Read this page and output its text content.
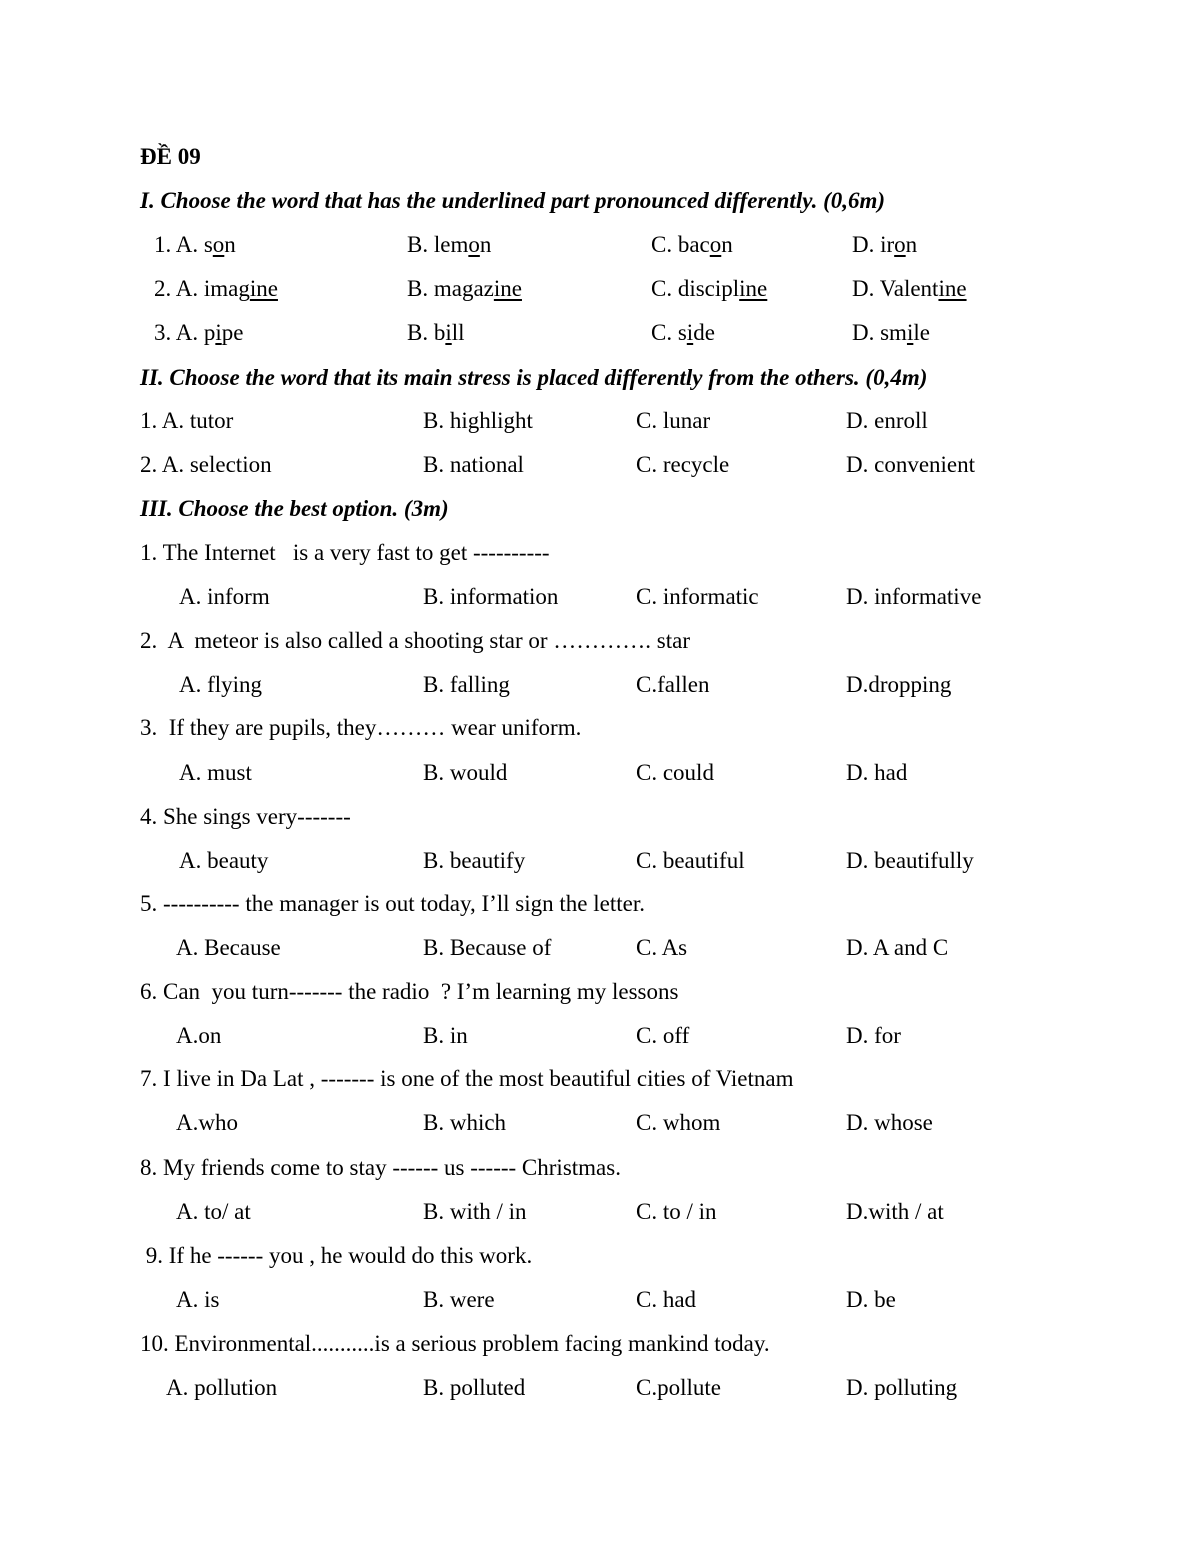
ĐỀ 09
I. Choose the word that has the underlined part pronounced differently. (0,6m)
1. A. son	B. lemon	C. bacon	D. iron
2. A. imagine	B. magazine	C. discipline	D. Valentine
3. A. pipe	B. bill	C. side	D. smile
II. Choose the word that its main stress is placed differently from the others. (0,4m)
1. A. tutor	B. highlight	C. lunar	D. enroll
2. A. selection	B. national	C. recycle	D. convenient
III. Choose the best option. (3m)
1. The Internet   is a very fast to get ----------
A. inform	B. information	C. informatic	D. informative
2.  A  meteor is also called a shooting star or …………. star
A. flying	B. falling	C.fallen	D.dropping
3.  If they are pupils, they……… wear uniform.
A. must	B. would	C. could	D. had
4. She sings very-------
A. beauty	B. beautify	C. beautiful	D. beautifully
5. ---------- the manager is out today, I’ll sign the letter.
A. Because	B. Because of	C. As	D. A and C
6. Can  you turn------- the radio  ? I’m learning my lessons
A.on	B. in	C. off	D. for
7. I live in Da Lat , ------- is one of the most beautiful cities of Vietnam
A.who	B. which	C. whom	D. whose
8. My friends come to stay ------ us ------ Christmas.
A. to/ at	B. with / in	C. to / in	D.with / at
9. If he ------ you , he would do this work.
A. is	B. were	C. had	D. be
10. Environmental...........is a serious problem facing mankind today.
A. pollution	B. polluted	C.pollute	D. polluting
